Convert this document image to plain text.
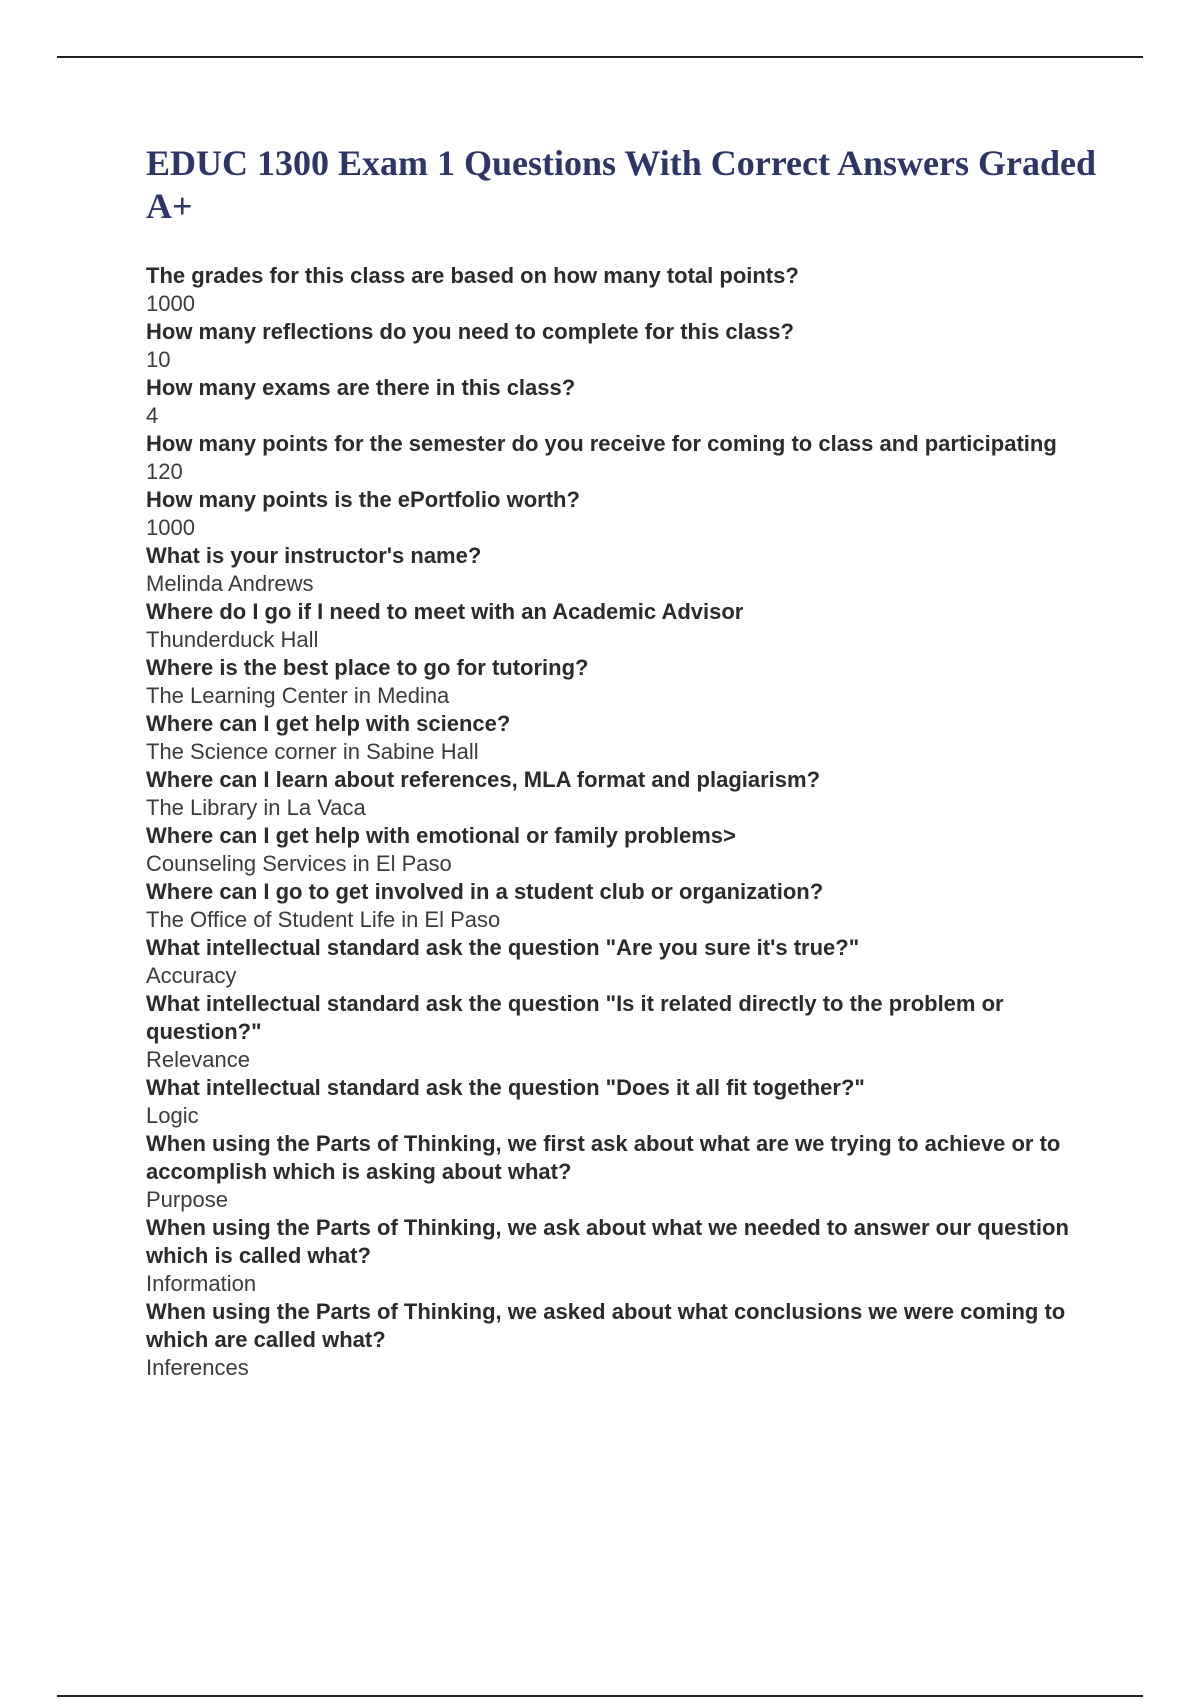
EDUC 1300 Exam 1 Questions With Correct Answers Graded A+

The grades for this class are based on how many total points?

1000

How many reflections do you need to complete for this class?

10

How many exams are there in this class?

4

How many points for the semester do you receive for coming to class and participating

120

How many points is the ePortfolio worth?

1000

What is your instructor's name?

Melinda Andrews

Where do I go if I need to meet with an Academic Advisor

Thunderduck Hall

Where is the best place to go for tutoring?

The Learning Center in Medina

Where can I get help with science?

The Science corner in Sabine Hall

Where can I learn about references, MLA format and plagiarism?

The Library in La Vaca

Where can I get help with emotional or family problems>

Counseling Services in El Paso

Where can I go to get involved in a student club or organization?

The Office of Student Life in El Paso

What intellectual standard ask the question "Are you sure it's true?"

Accuracy

What intellectual standard ask the question "Is it related directly to the problem or question?"

Relevance

What intellectual standard ask the question "Does it all fit together?"

Logic

When using the Parts of Thinking, we first ask about what are we trying to achieve or to accomplish which is asking about what?

Purpose

When using the Parts of Thinking, we ask about what we needed to answer our question which is called what?

Information

When using the Parts of Thinking, we asked about what conclusions we were coming to which are called what?

Inferences
